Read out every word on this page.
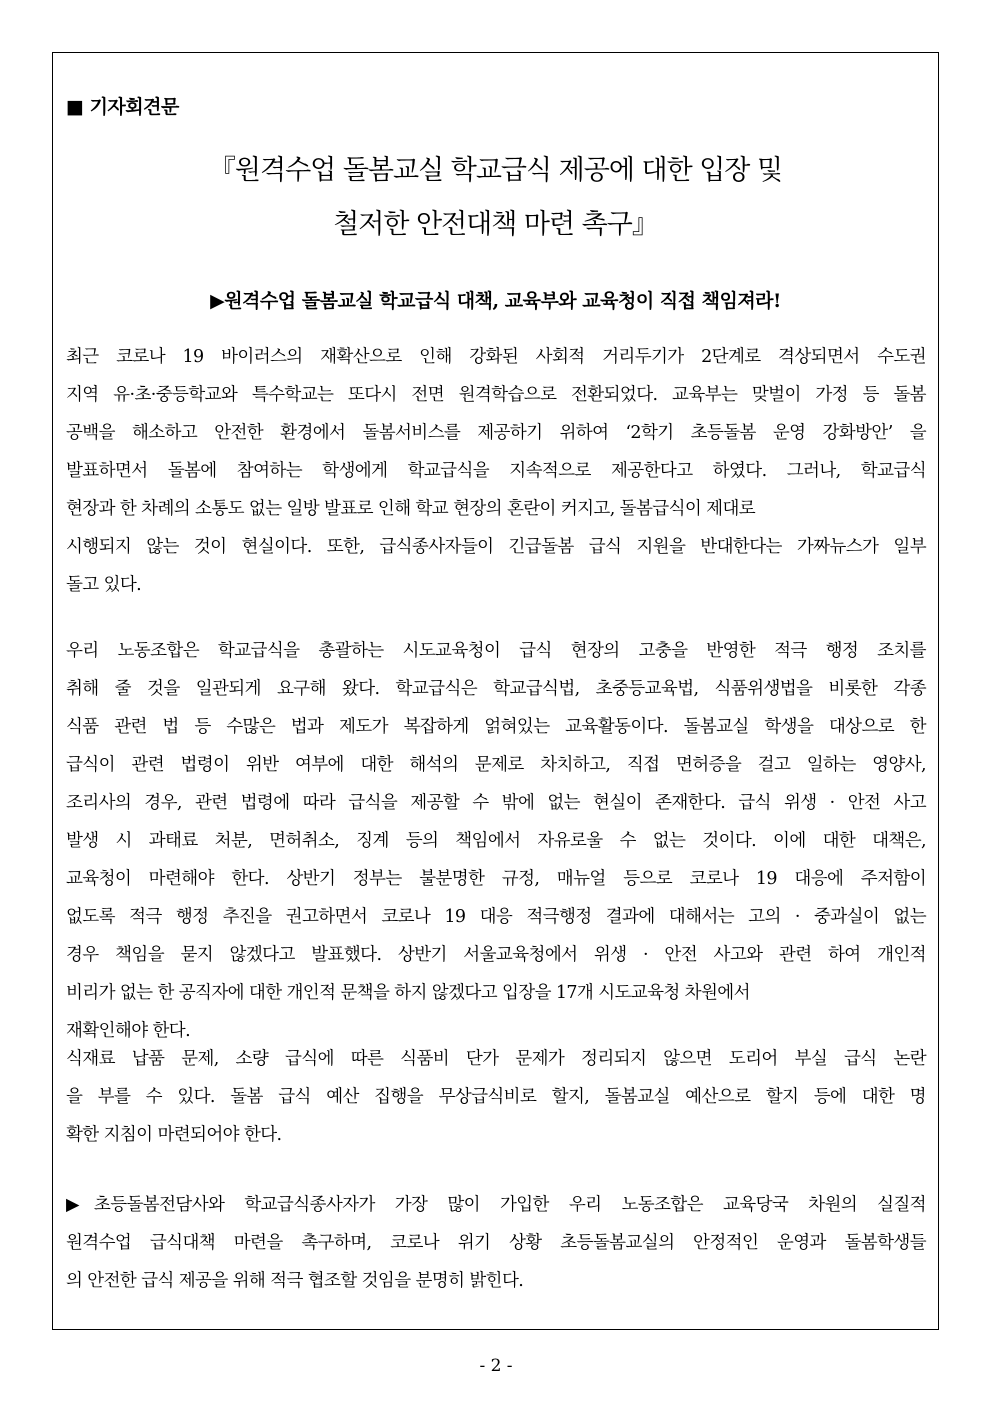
■ 기자회견문
『원격수업 돌봄교실 학교급식 제공에 대한 입장 및
철저한 안전대책 마련 촉구』
▶원격수업 돌봄교실 학교급식 대책, 교육부와 교육청이 직접 책임져라!
최근 코로나 19 바이러스의 재확산으로 인해 강화된 사회적 거리두기가 2단계로 격상되면서 수도권
지역 유·초·중등학교와 특수학교는 또다시 전면 원격학습으로 전환되었다. 교육부는 맞벌이 가정 등 돌봄
공백을 해소하고 안전한 환경에서 돌봄서비스를 제공하기 위하여 ‘2학기 초등돌봄 운영 강화방안’ 을
발표하면서 돌봄에 참여하는 학생에게 학교급식을 지속적으로 제공한다고 하였다. 그러나, 학교급식
현장과 한 차례의 소통도 없는 일방 발표로 인해 학교 현장의 혼란이 커지고, 돌봄급식이 제대로
시행되지 않는 것이 현실이다. 또한, 급식종사자들이 긴급돌봄 급식 지원을 반대한다는 가짜뉴스가 일부
돌고 있다.
우리 노동조합은 학교급식을 총괄하는 시도교육청이 급식 현장의 고충을 반영한 적극 행정 조치를
취해 줄 것을 일관되게 요구해 왔다. 학교급식은 학교급식법, 초중등교육법, 식품위생법을 비롯한 각종
식품 관련 법 등 수많은 법과 제도가 복잡하게 얽혀있는 교육활동이다. 돌봄교실 학생을 대상으로 한
급식이 관련 법령이 위반 여부에 대한 해석의 문제로 차치하고, 직접 면허증을 걸고 일하는 영양사,
조리사의 경우, 관련 법령에 따라 급식을 제공할 수 밖에 없는 현실이 존재한다. 급식 위생 · 안전 사고
발생 시 과태료 처분, 면허취소, 징계 등의 책임에서 자유로울 수 없는 것이다. 이에 대한 대책은,
교육청이 마련해야 한다. 상반기 정부는 불분명한 규정, 매뉴얼 등으로 코로나 19 대응에 주저함이
없도록 적극 행정 추진을 권고하면서 코로나 19 대응 적극행정 결과에 대해서는 고의 · 중과실이 없는
경우 책임을 묻지 않겠다고 발표했다. 상반기 서울교육청에서 위생 · 안전 사고와 관련 하여 개인적
비리가 없는 한 공직자에 대한 개인적 문책을 하지 않겠다고 입장을 17개 시도교육청 차원에서
재확인해야 한다.
식재료 납품 문제, 소량 급식에 따른 식품비 단가 문제가 정리되지 않으면 도리어 부실 급식 논란
을 부를 수 있다. 돌봄 급식 예산 집행을 무상급식비로 할지, 돌봄교실 예산으로 할지 등에 대한 명
확한 지침이 마련되어야 한다.
▶초등돌봄전담사와 학교급식종사자가 가장 많이 가입한 우리 노동조합은 교육당국 차원의 실질적
원격수업 급식대책 마련을 촉구하며, 코로나 위기 상황 초등돌봄교실의 안정적인 운영과 돌봄학생들
의 안전한 급식 제공을 위해 적극 협조할 것임을 분명히 밝힌다.
- 2 -
